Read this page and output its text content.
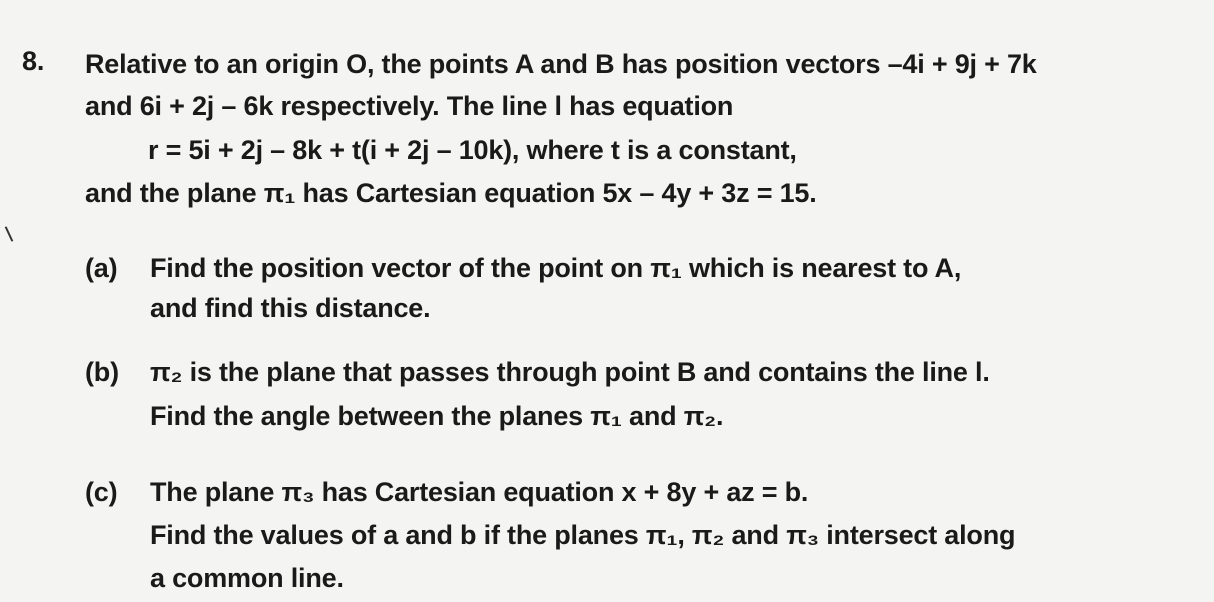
8. Relative to an origin O, the points A and B has position vectors –4i + 9j + 7k
and 6i + 2j – 6k respectively. The line l has equation
r = 5i + 2j – 8k + t(i + 2j – 10k), where t is a constant,
and the plane π₁ has Cartesian equation 5x – 4y + 3z = 15.
(a) Find the position vector of the point on π₁ which is nearest to A,
and find this distance.
(b) π₂ is the plane that passes through point B and contains the line l.
Find the angle between the planes π₁ and π₂.
(c) The plane π₃ has Cartesian equation x + 8y + az = b.
Find the values of a and b if the planes π₁, π₂ and π₃ intersect along
a common line.
